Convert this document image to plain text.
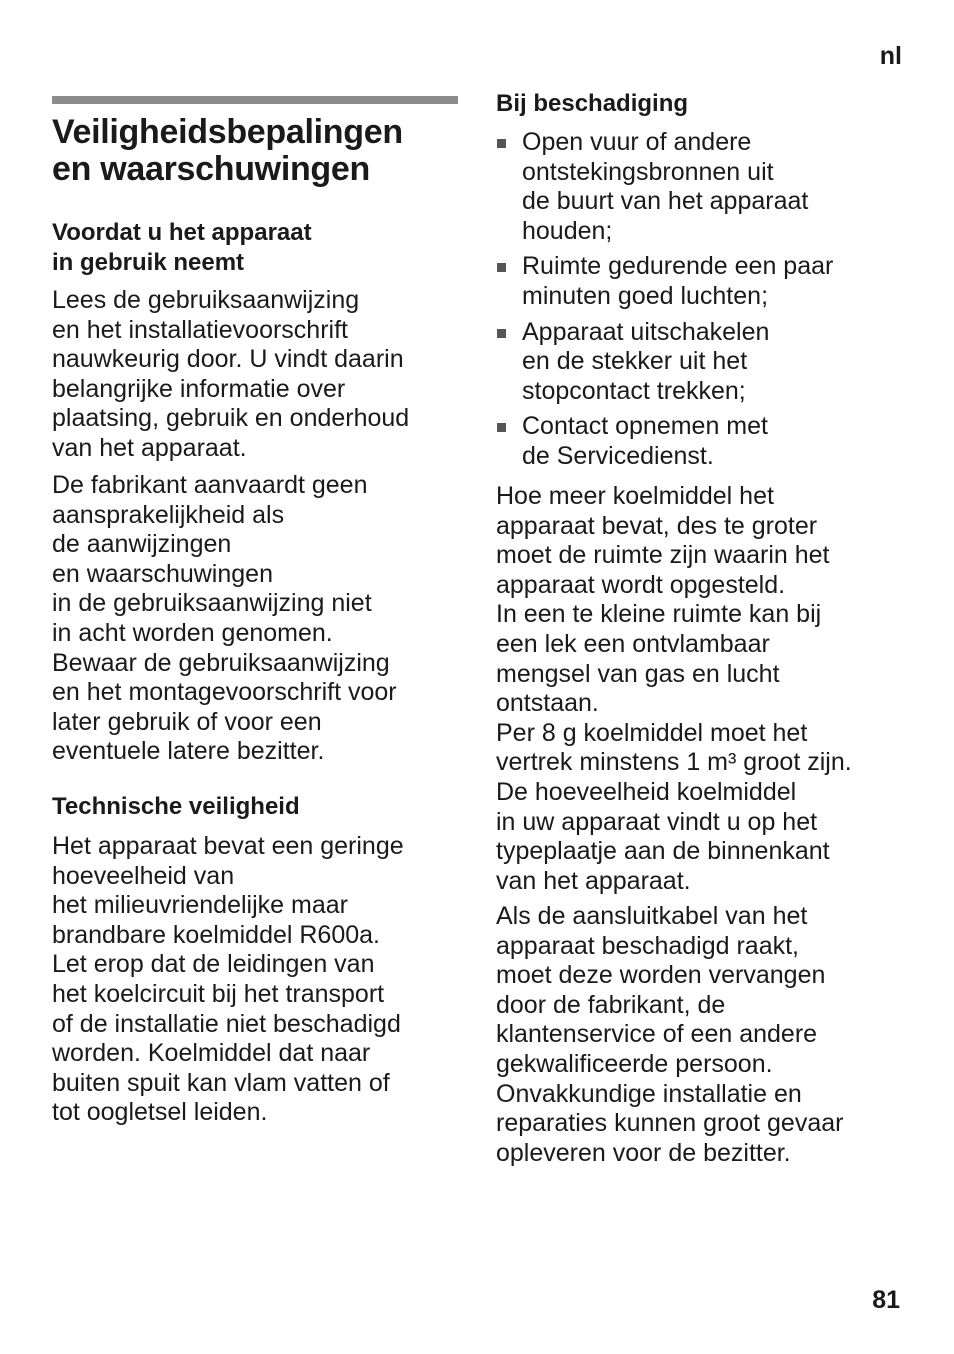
nl
Veiligheidsbepalingen
en waarschuwingen
Voordat u het apparaat
in gebruik neemt

Lees de gebruiksaanwijzing
en het installatievoorschrift
nauwkeurig door. U vindt daarin
belangrijke informatie over
plaatsing, gebruik en onderhoud
van het apparaat.

De fabrikant aanvaardt geen
aansprakelijkheid als
de aanwijzingen
en waarschuwingen
in de gebruiksaanwijzing niet
in acht worden genomen.
Bewaar de gebruiksaanwijzing
en het montagevoorschrift voor
later gebruik of voor een
eventuele latere bezitter.

Technische veiligheid

Het apparaat bevat een geringe
hoeveelheid van
het milieuvriendelijke maar
brandbare koelmiddel R600a.
Let erop dat de leidingen van
het koelcircuit bij het transport
of de installatie niet beschadigd
worden. Koelmiddel dat naar
buiten spuit kan vlam vatten of
tot oogletsel leiden.

Bij beschadiging
Open vuur of andere
ontstekingsbronnen uit
de buurt van het apparaat
houden;
Ruimte gedurende een paar
minuten goed luchten;
Apparaat uitschakelen
en de stekker uit het
stopcontact trekken;
Contact opnemen met
de Servicedienst.

Hoe meer koelmiddel het
apparaat bevat, des te groter
moet de ruimte zijn waarin het
apparaat wordt opgesteld.
In een te kleine ruimte kan bij
een lek een ontvlambaar
mengsel van gas en lucht
ontstaan.
Per 8 g koelmiddel moet het
vertrek minstens 1 m³ groot zijn.
De hoeveelheid koelmiddel
in uw apparaat vindt u op het
typeplaatje aan de binnenkant
van het apparaat.

Als de aansluitkabel van het
apparaat beschadigd raakt,
moet deze worden vervangen
door de fabrikant, de
klantenservice of een andere
gekwalificeerde persoon.
Onvakkundige installatie en
reparaties kunnen groot gevaar
opleveren voor de bezitter.

81
